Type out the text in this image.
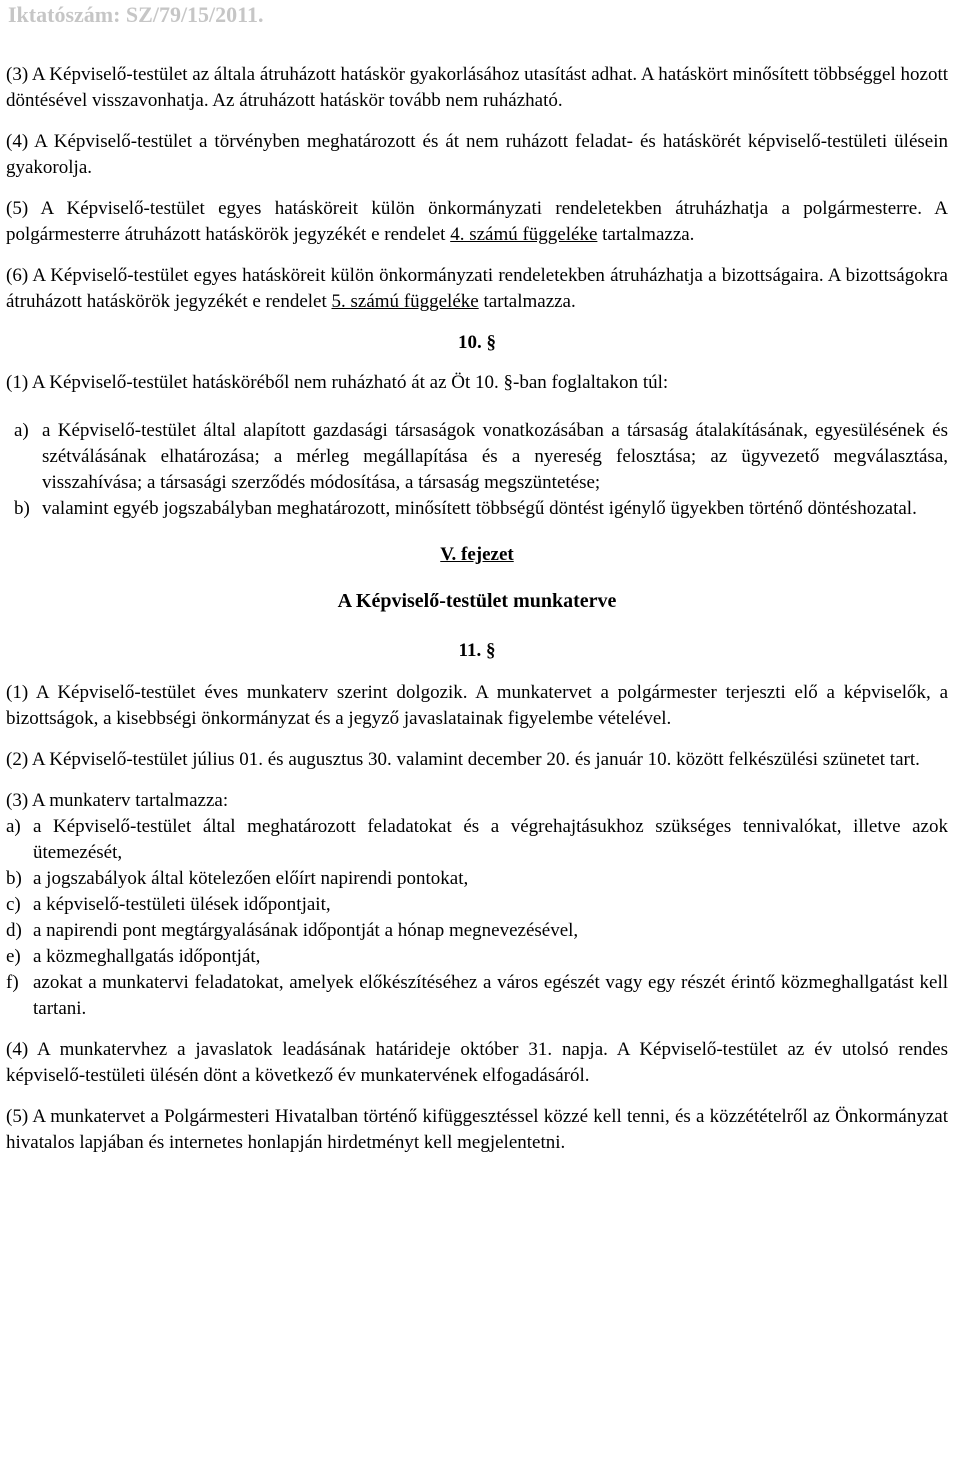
Iktatószám: SZ/79/15/2011.

(3) A Képviselő-testület az általa átruházott hatáskör gyakorlásához utasítást adhat. A hatáskört minősített többséggel hozott döntésével visszavonhatja. Az átruházott hatáskör tovább nem ruházható.

(4) A Képviselő-testület a törvényben meghatározott és át nem ruházott feladat- és hatáskörét képviselő-testületi ülésein gyakorolja.

(5) A Képviselő-testület egyes hatásköreit külön önkormányzati rendeletekben átruházhatja a polgármesterre. A polgármesterre átruházott hatáskörök jegyzékét e rendelet 4. számú függeléke tartalmazza.

(6) A Képviselő-testület egyes hatásköreit külön önkormányzati rendeletekben átruházhatja a bizottságaira. A bizottságokra átruházott hatáskörök jegyzékét e rendelet 5. számú függeléke tartalmazza.

10. §

(1) A Képviselő-testület hatásköréből nem ruházható át az Öt 10. §-ban foglaltakon túl:

a) a Képviselő-testület által alapított gazdasági társaságok vonatkozásában a társaság átalakításának, egyesülésének és szétválásának elhatározása; a mérleg megállapítása és a nyereség felosztása; az ügyvezető megválasztása, visszahívása; a társasági szerződés módosítása, a társaság megszüntetése;
b) valamint egyéb jogszabályban meghatározott, minősített többségű döntést igénylő ügyekben történő döntéshozatal.

V. fejezet

A Képviselő-testület munkaterve

11. §

(1) A Képviselő-testület éves munkaterv szerint dolgozik. A munkatervet a polgármester terjeszti elő a képviselők, a bizottságok, a kisebbségi önkormányzat és a jegyző javaslatainak figyelembe vételével.

(2) A Képviselő-testület július 01. és augusztus 30. valamint december 20. és január 10. között felkészülési szünetet tart.

(3) A munkaterv tartalmazza:

a) a Képviselő-testület által meghatározott feladatokat és a végrehajtásukhoz szükséges tennivalókat, illetve azok ütemezését,
b) a jogszabályok által kötelezően előírt napirendi pontokat,
c) a képviselő-testületi ülések időpontjait,
d) a napirendi pont megtárgyalásának időpontját a hónap megnevezésével,
e) a közmeghallgatás időpontját,
f) azokat a munkatervi feladatokat, amelyek előkészítéséhez a város egészét vagy egy részét érintő közmeghallgatást kell tartani.

(4) A munkatervhez a javaslatok leadásának határideje október 31. napja. A Képviselő-testület az év utolsó rendes képviselő-testületi ülésén dönt a következő év munkatervének elfogadásáról.

(5) A munkatervet a Polgármesteri Hivatalban történő kifüggesztéssel közzé kell tenni, és a közzétételről az Önkormányzat hivatalos lapjában és internetes honlapján hirdetményt kell megjelentetni.
